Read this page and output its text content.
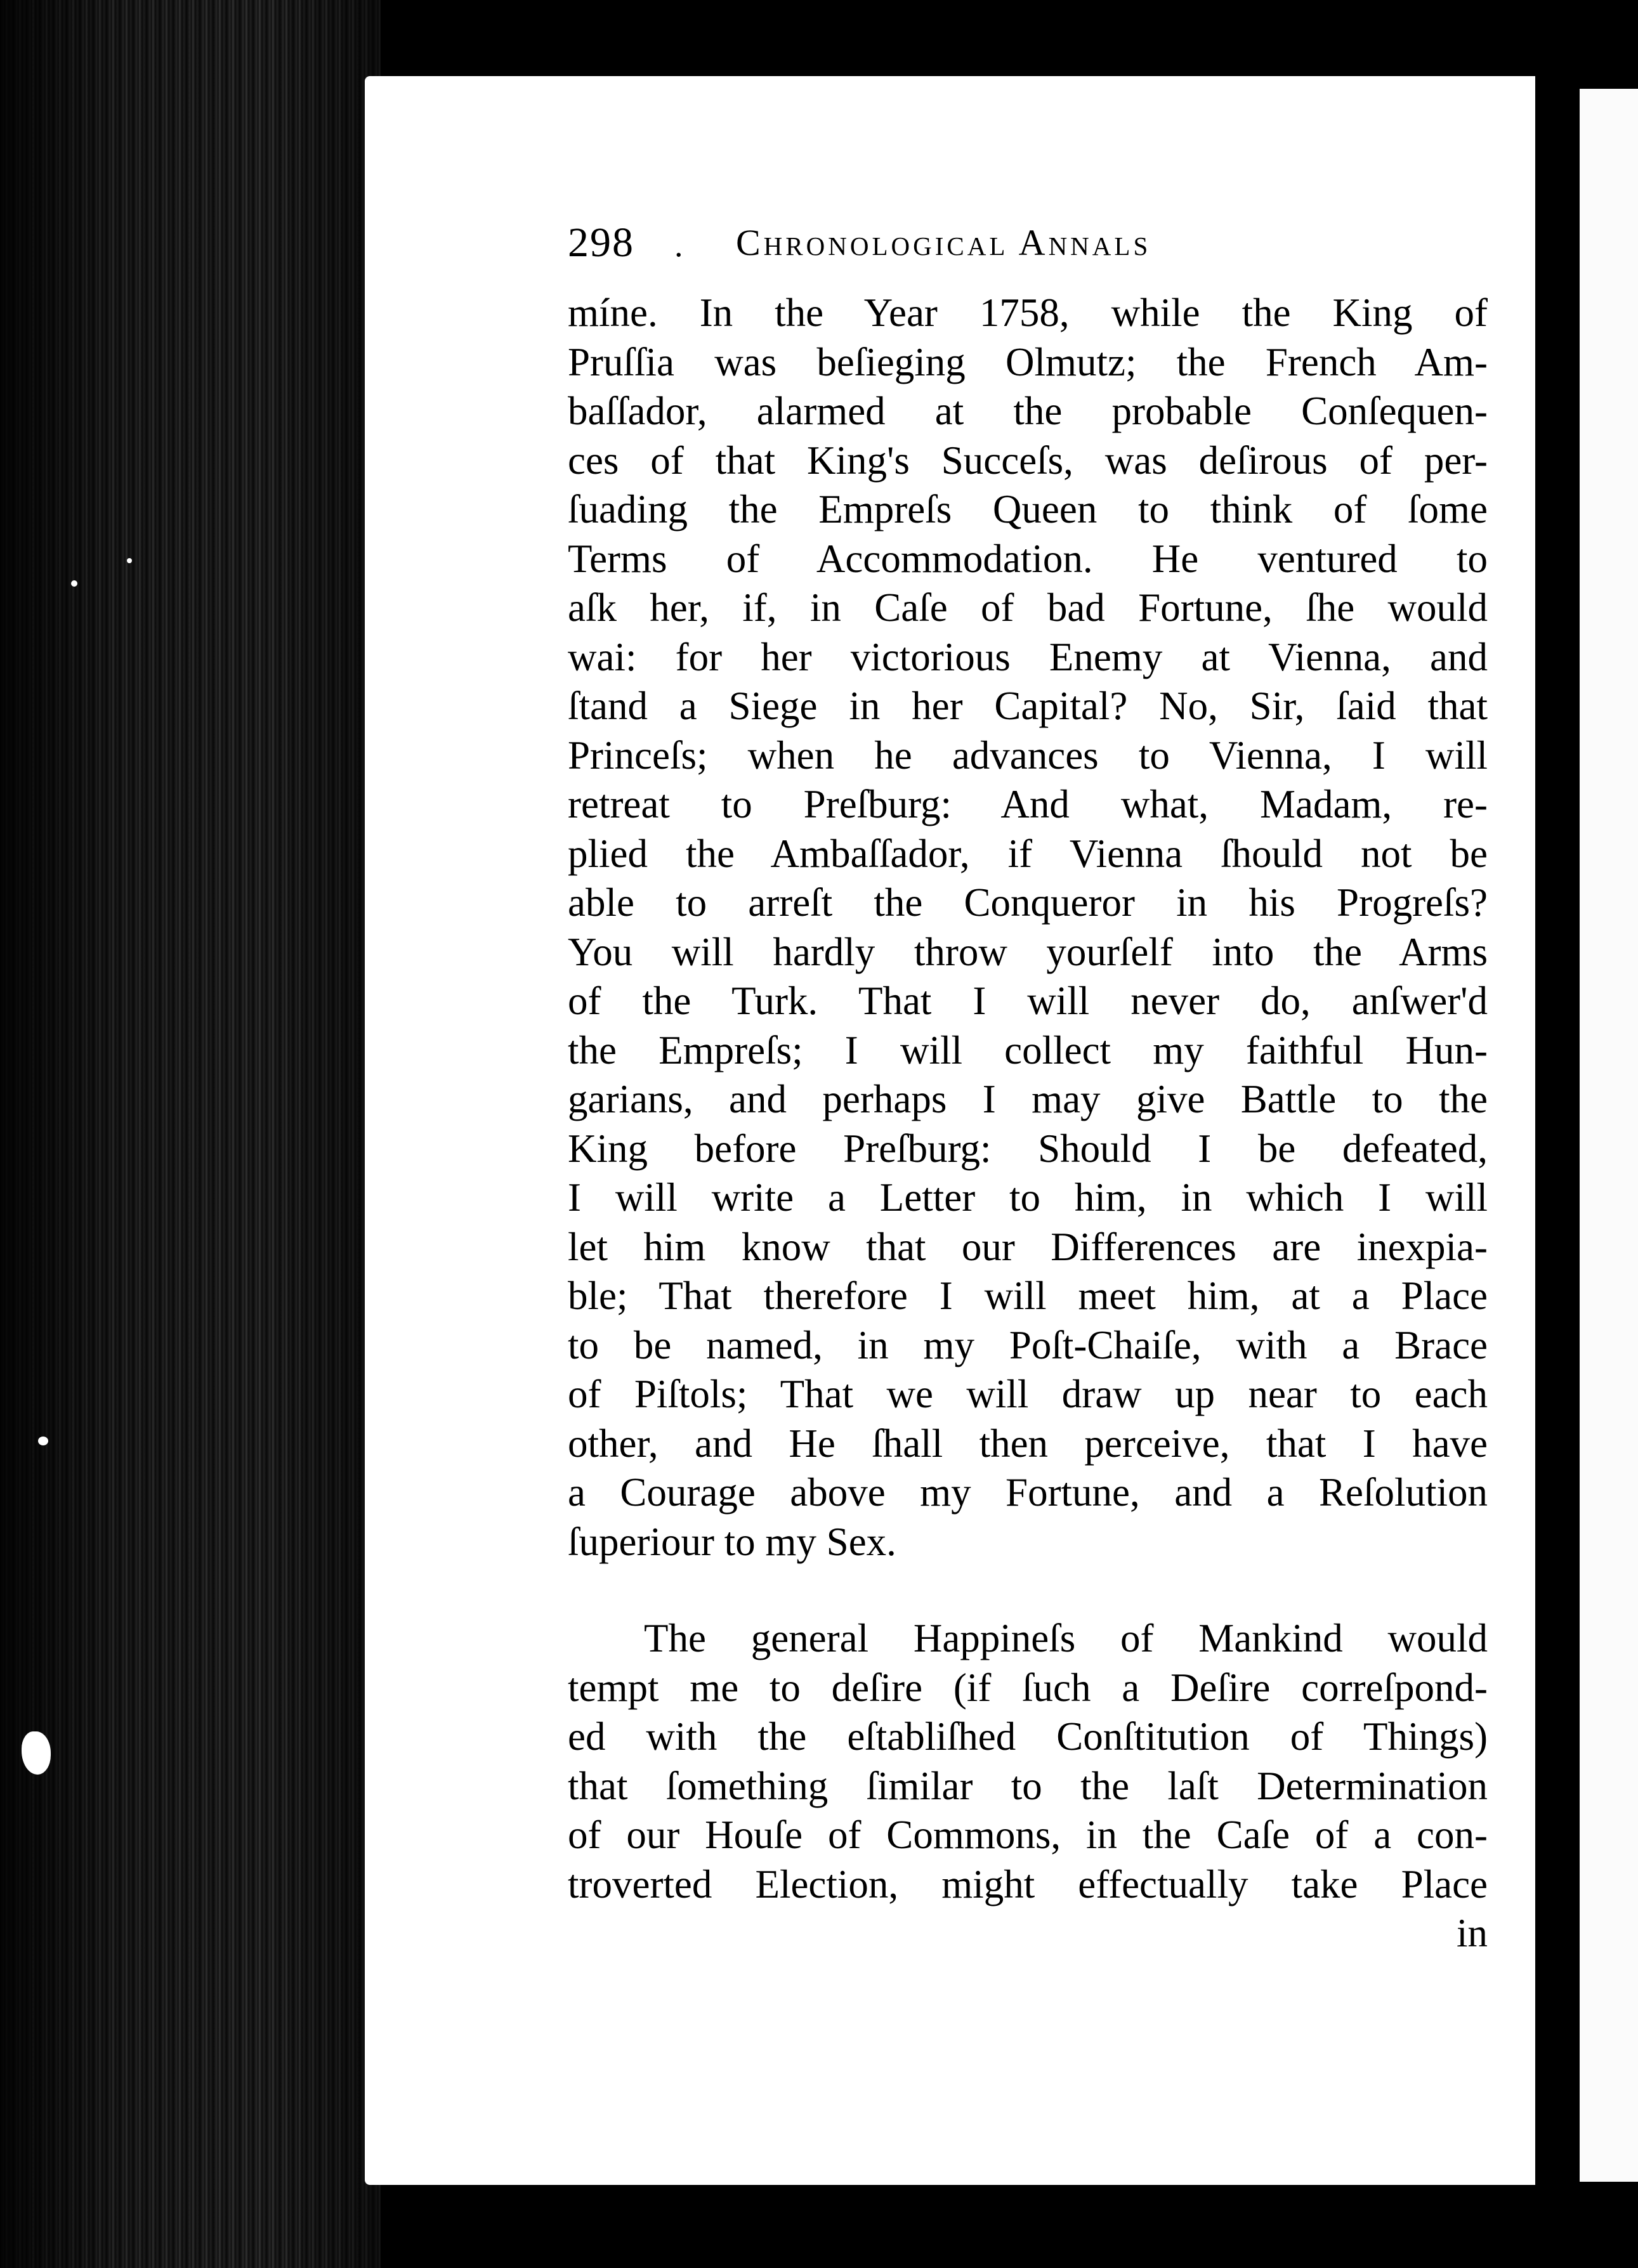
298 . Chronological Annals
míne. In the Year 1758, while the King of
Pruſſia was beſieging Olmutz; the French Am-
baſſador, alarmed at the probable Conſequen-
ces of that King's Succeſs, was deſirous of per-
ſuading the Empreſs Queen to think of ſome
Terms of Accommodation. He ventured to
aſk her, if, in Caſe of bad Fortune, ſhe would
wai: for her victorious Enemy at Vienna, and
ſtand a Siege in her Capital? No, Sir, ſaid that
Princeſs; when he advances to Vienna, I will
retreat to Preſburg: And what, Madam, re-
plied the Ambaſſador, if Vienna ſhould not be
able to arreſt the Conqueror in his Progreſs?
You will hardly throw yourſelf into the Arms
of the Turk. That I will never do, anſwer'd
the Empreſs; I will collect my faithful Hun-
garians, and perhaps I may give Battle to the
King before Preſburg: Should I be defeated,
I will write a Letter to him, in which I will
let him know that our Differences are inexpia-
ble; That therefore I will meet him, at a Place
to be named, in my Poſt-Chaiſe, with a Brace
of Piſtols; That we will draw up near to each
other, and He ſhall then perceive, that I have
a Courage above my Fortune, and a Reſolution
ſuperiour to my Sex.
The general Happineſs of Mankind would
tempt me to deſire (if ſuch a Deſire correſpond-
ed with the eſtabliſhed Conſtitution of Things)
that ſomething ſimilar to the laſt Determination
of our Houſe of Commons, in the Caſe of a con-
troverted Election, might effectually take Place
in
